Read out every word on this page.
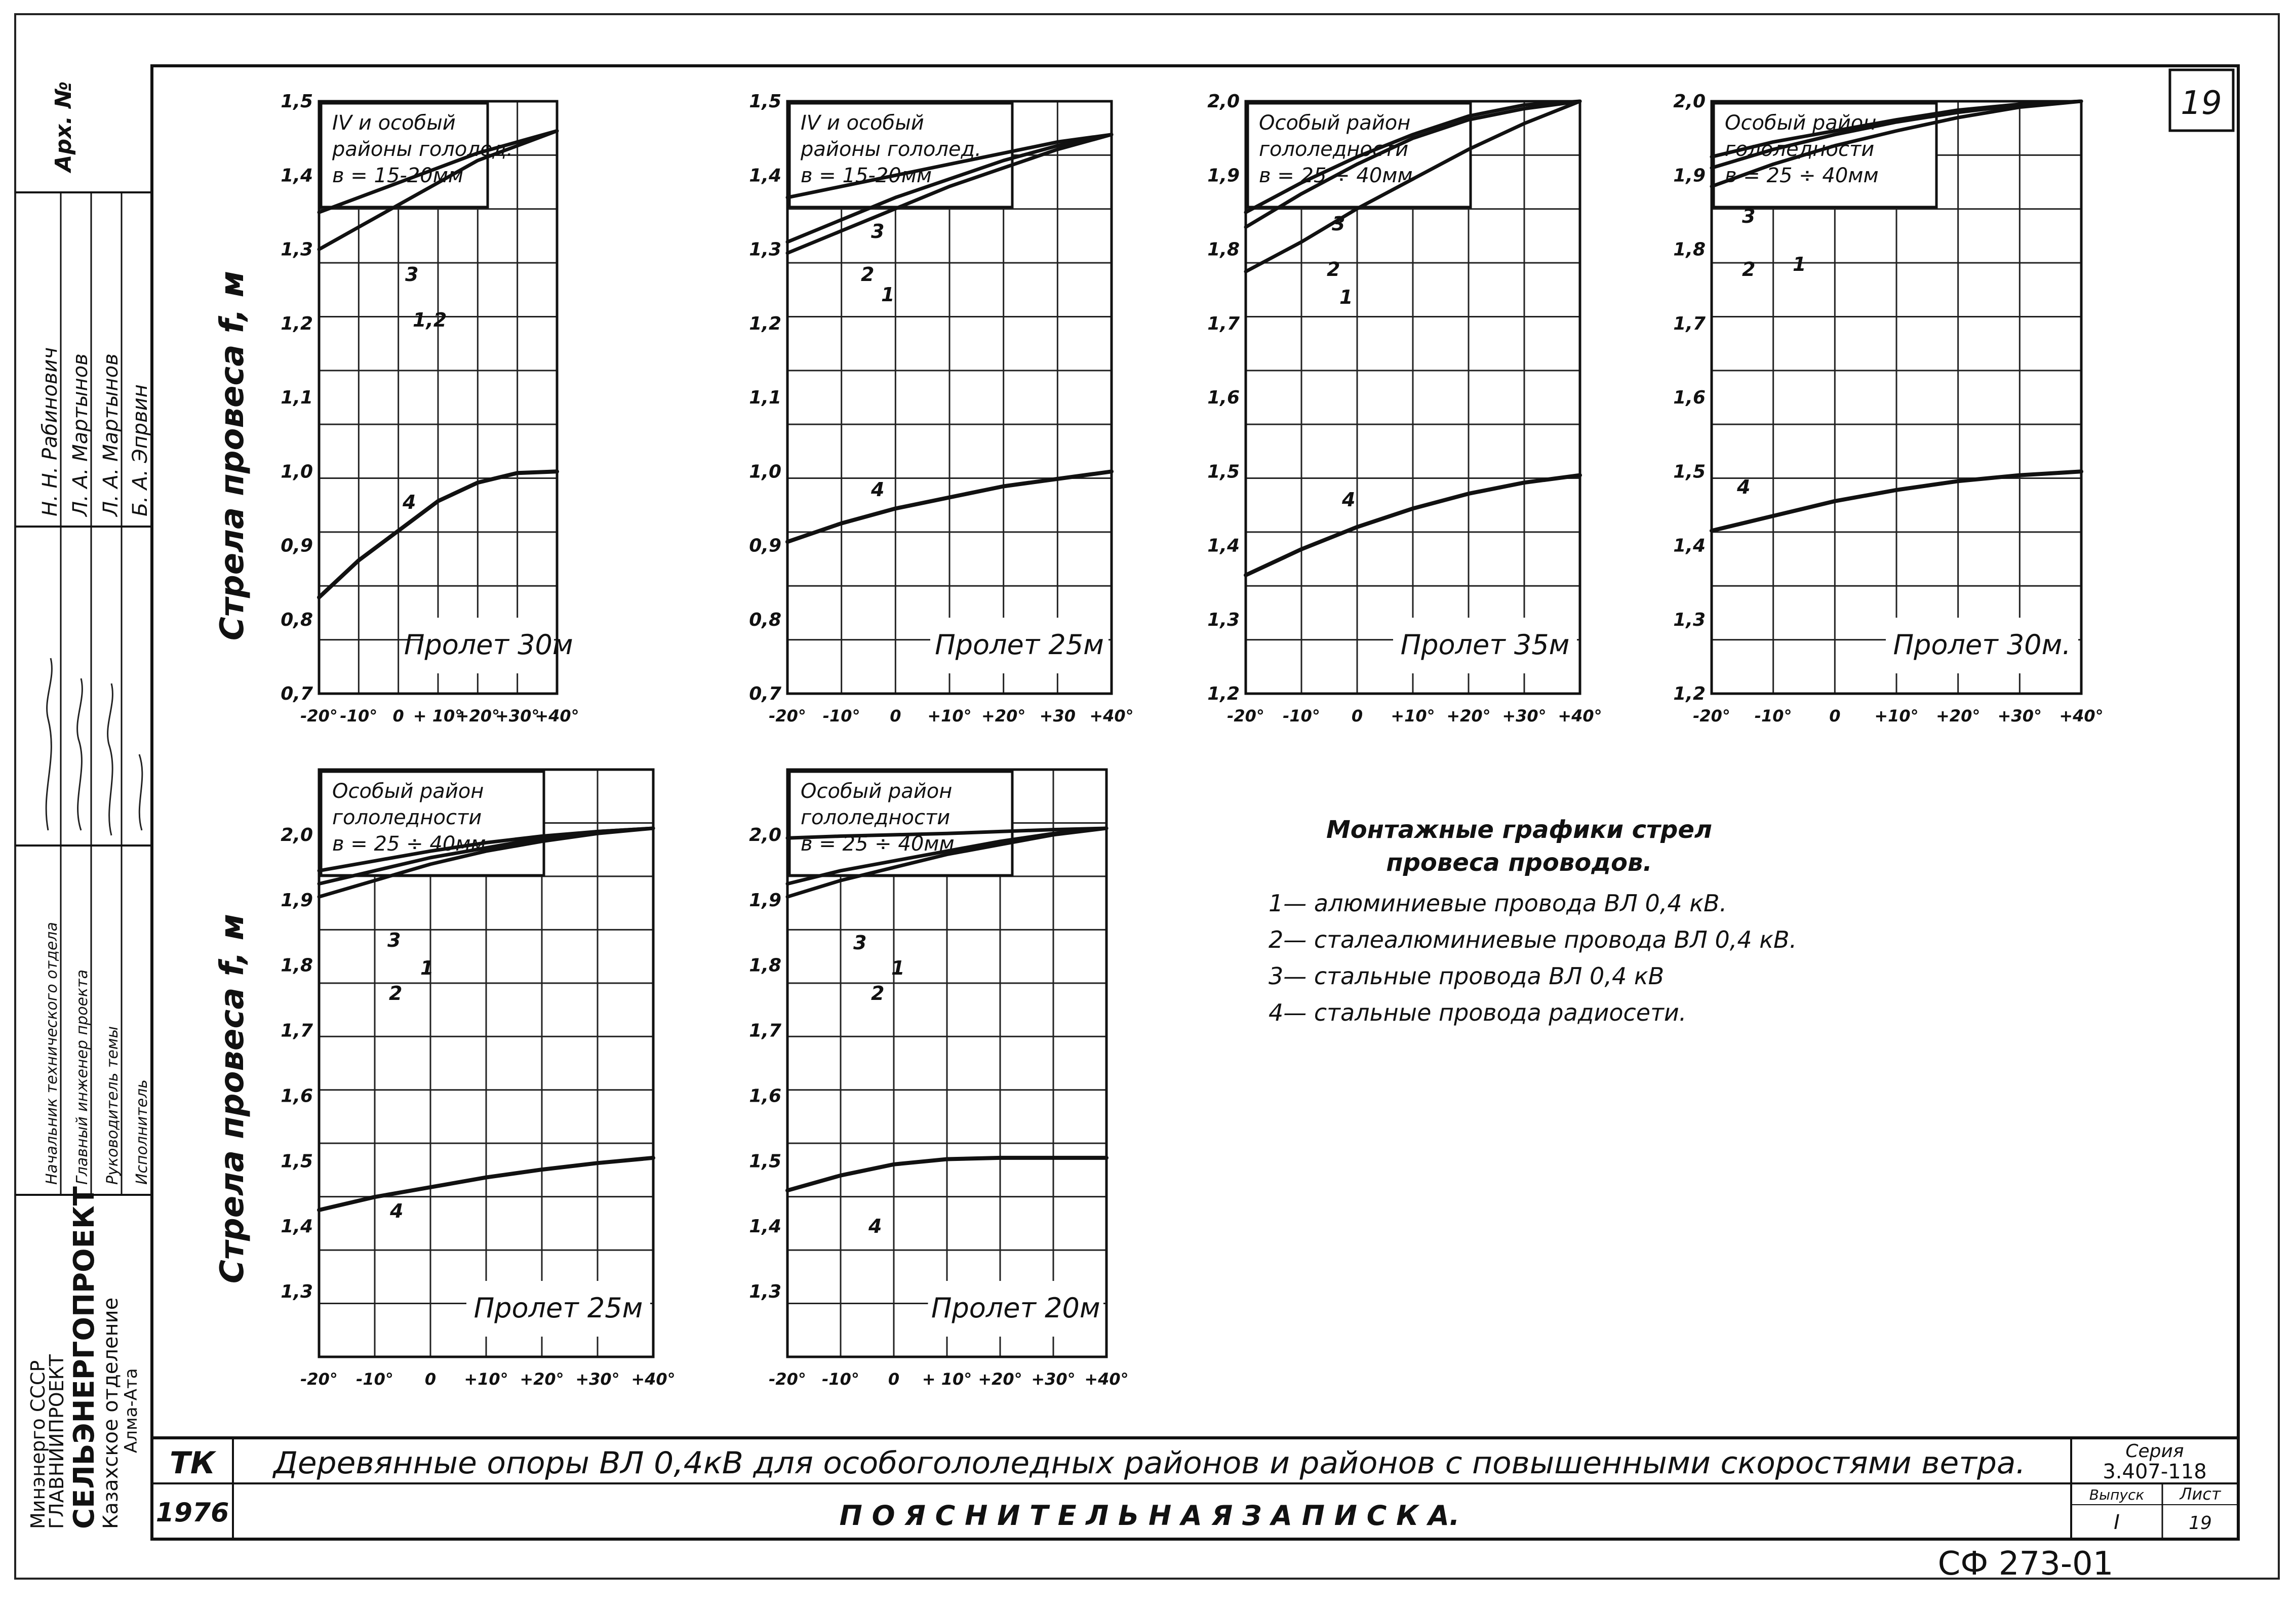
19
Арх. №
Н. Н. Рабинович Л. А. Мартынов Л. А. Мартынов Б. А. Эпрвин
Начальник технического отдела Главный инженер проекта Руководитель темы Исполнитель
Минэнерго СССР
ГЛАВНИИПРОЕКТ СЕЛЬЭНЕРГОПРОЕКТ
Казахское отделение
Алма-Ата
ТК
1976
Деревянные опоры ВЛ 0,4кВ для особогололедных районов и районов с повышенными скоростями ветра.
П О Я С Н И Т Е Л Ь Н А Я З А П И С К А.
Серия
3.407-118
Выпуск
I
Лист
19
СФ 273-01
Стрела провеса f, м
Стрела провеса f, м
Монтажные графики стрел
провеса проводов.
1— алюминиевые провода ВЛ 0,4 кВ.
2— сталеалюминиевые провода ВЛ 0,4 кВ.
3— стальные провода ВЛ 0,4 кВ
4— стальные провода радиосети.
IV и особый
районы гололед.
в = 15-20мм
Пролет 30м
0,7
0,8
0,9
1,0
1,1
1,2
1,3
1,4
1,5
-20° -10° 0 + 10°
+20°
+30°
+40°
3
1,2
4
IV и особый
районы гололед.
в = 15-20мм
Пролет 25м
0,7
0,8
0,9
1,0
1,1
1,2
1,3
1,4
1,5
-20° -10° 0 +10° +20° +30 +40°
3
2
1
4
Особый район
гололедности
в = 25 ÷ 40мм
Пролет 35м
1,2
1,3
1,4
1,5
1,6
1,7
1,8
1,9
2,0
-20° -10° 0 +10° +20° +30° +40°
3
2
1
4
Особый район
гололедности
в = 25 ÷ 40мм
Пролет 30м.
1,2
1,3
1,4
1,5
1,6
1,7
1,8
1,9
2,0
-20° -10° 0 +10° +20° +30° +40°
3
2 1
4
Особый район
гололедности
в = 25 ÷ 40мм
Пролет 25м
1,3
1,4
1,5
1,6
1,7
1,8
1,9
2,0
-20° -10° 0 +10° +20° +30° +40°
3
1
2
4
Особый район
гололедности
в = 25 ÷ 40мм
Пролет 20м
1,3
1,4
1,5
1,6
1,7
1,8
1,9
2,0
-20° -10° 0 + 10° +20° +30° +40°
3
1
2
4
